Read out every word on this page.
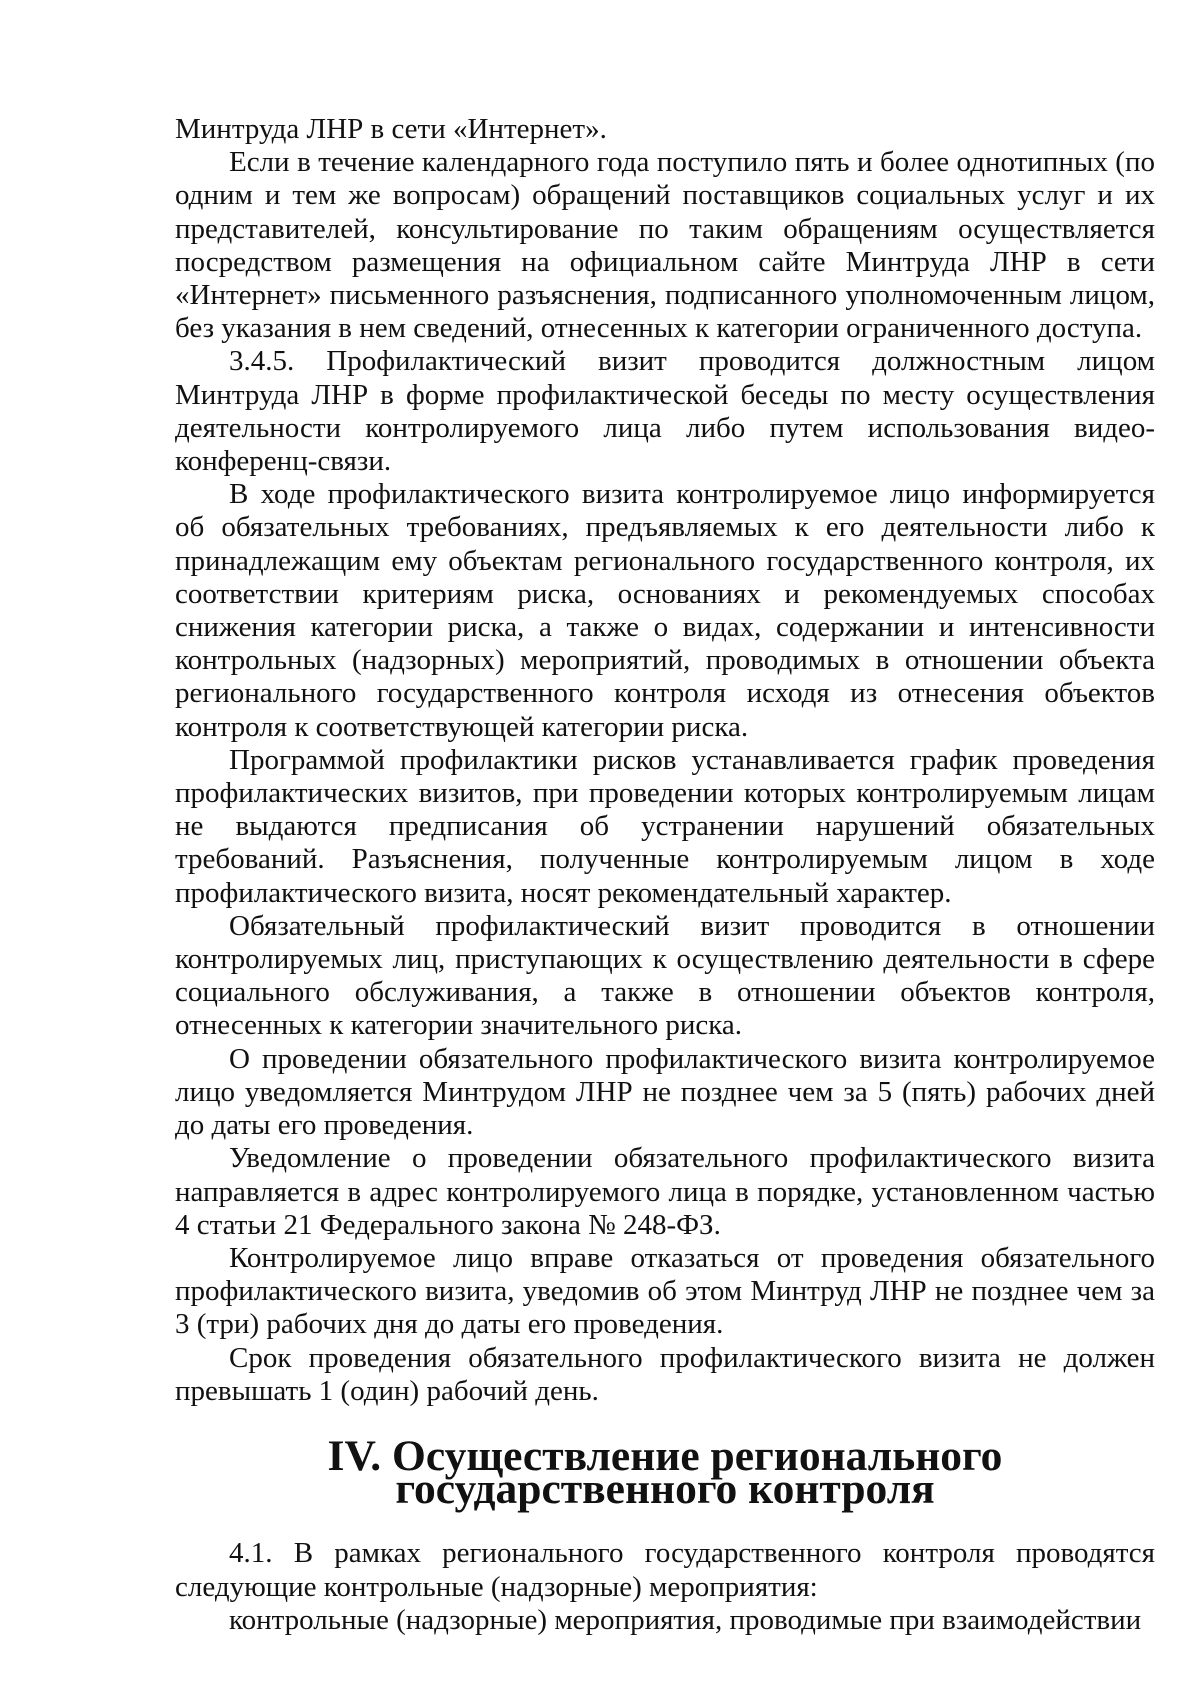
Минтруда ЛНР в сети «Интернет».

Если в течение календарного года поступило пять и более однотипных (по одним и тем же вопросам) обращений поставщиков социальных услуг и их представителей, консультирование по таким обращениям осуществляется посредством размещения на официальном сайте Минтруда ЛНР в сети «Интернет» письменного разъяснения, подписанного уполномоченным лицом, без указания в нем сведений, отнесенных к категории ограниченного доступа.

3.4.5. Профилактический визит проводится должностным лицом Минтруда ЛНР в форме профилактической беседы по месту осуществления деятельности контролируемого лица либо путем использования видео-конференц-связи.

В ходе профилактического визита контролируемое лицо информируется об обязательных требованиях, предъявляемых к его деятельности либо к принадлежащим ему объектам регионального государственного контроля, их соответствии критериям риска, основаниях и рекомендуемых способах снижения категории риска, а также о видах, содержании и интенсивности контрольных (надзорных) мероприятий, проводимых в отношении объекта регионального государственного контроля исходя из отнесения объектов контроля к соответствующей категории риска.

Программой профилактики рисков устанавливается график проведения профилактических визитов, при проведении которых контролируемым лицам не выдаются предписания об устранении нарушений обязательных требований. Разъяснения, полученные контролируемым лицом в ходе профилактического визита, носят рекомендательный характер.

Обязательный профилактический визит проводится в отношении контролируемых лиц, приступающих к осуществлению деятельности в сфере социального обслуживания, а также в отношении объектов контроля, отнесенных к категории значительного риска.

О проведении обязательного профилактического визита контролируемое лицо уведомляется Минтрудом ЛНР не позднее чем за 5 (пять) рабочих дней до даты его проведения.

Уведомление о проведении обязательного профилактического визита направляется в адрес контролируемого лица в порядке, установленном частью 4 статьи 21 Федерального закона № 248-ФЗ.

Контролируемое лицо вправе отказаться от проведения обязательного профилактического визита, уведомив об этом Минтруд ЛНР не позднее чем за 3 (три) рабочих дня до даты его проведения.

Срок проведения обязательного профилактического визита не должен превышать 1 (один) рабочий день.

IV. Осуществление регионального государственного контроля

4.1. В рамках регионального государственного контроля проводятся следующие контрольные (надзорные) мероприятия:

контрольные (надзорные) мероприятия, проводимые при взаимодействии
